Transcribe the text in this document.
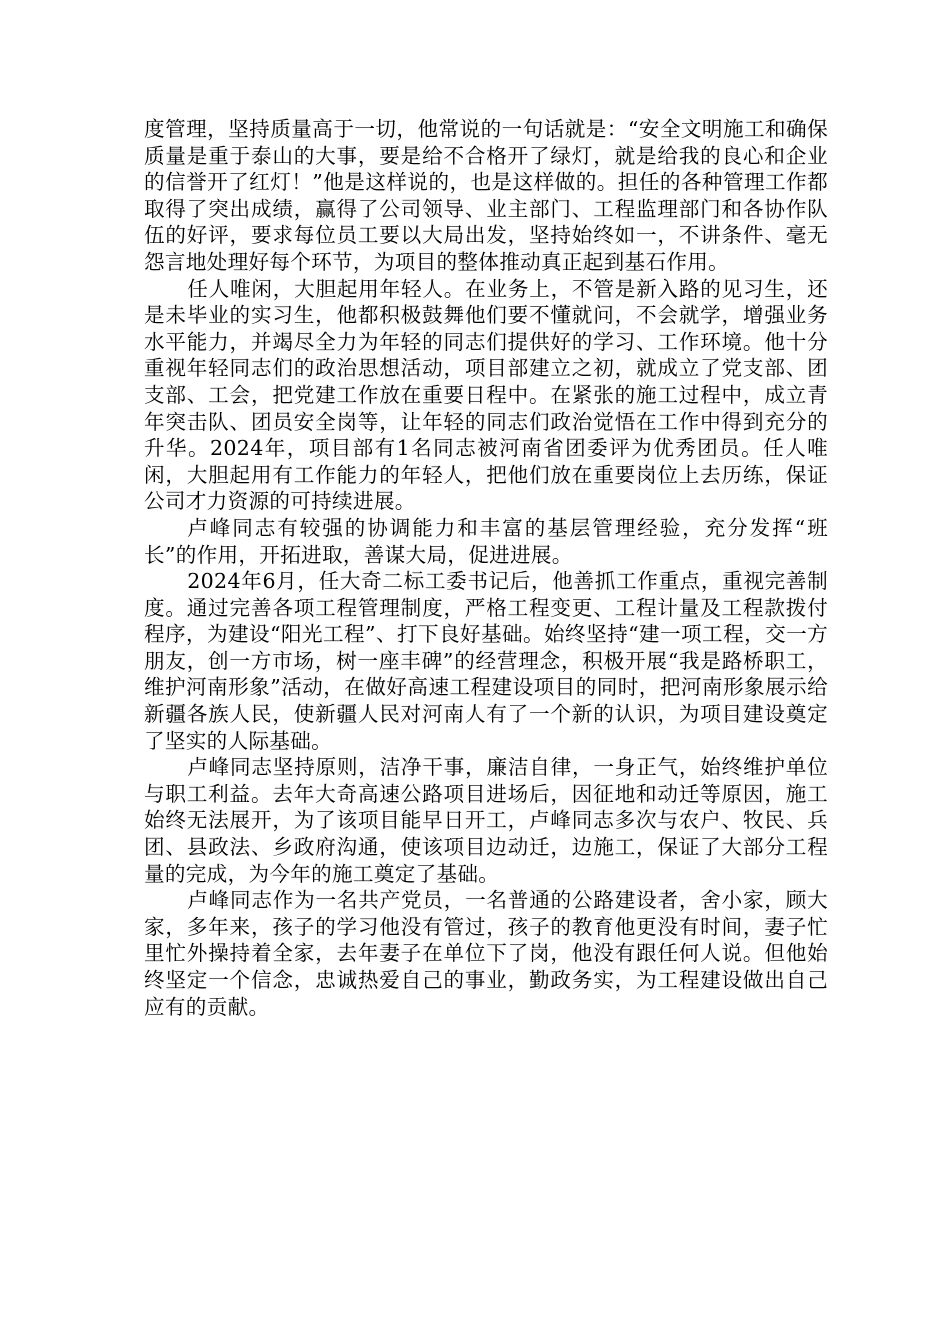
度管理，坚持质量高于一切，他常说的一句话就是：“安全文明施工和确保质量是重于泰山的大事，要是给不合格开了绿灯，就是给我的良心和企业的信誉开了红灯！”他是这样说的，也是这样做的。担任的各种管理工作都取得了突出成绩，赢得了公司领导、业主部门、工程监理部门和各协作队伍的好评，要求每位员工要以大局出发，坚持始终如一，不讲条件、毫无怨言地处理好每个环节，为项目的整体推动真正起到基石作用。

任人唯闲，大胆起用年轻人。在业务上，不管是新入路的见习生，还是未毕业的实习生，他都积极鼓舞他们要不懂就问，不会就学，增强业务水平能力，并竭尽全力为年轻的同志们提供好的学习、工作环境。他十分重视年轻同志们的政治思想活动，项目部建立之初，就成立了党支部、团支部、工会，把党建工作放在重要日程中。在紧张的施工过程中，成立青年突击队、团员安全岗等，让年轻的同志们政治觉悟在工作中得到充分的升华。2024年，项目部有1名同志被河南省团委评为优秀团员。任人唯闲，大胆起用有工作能力的年轻人，把他们放在重要岗位上去历练，保证公司才力资源的可持续进展。

卢峰同志有较强的协调能力和丰富的基层管理经验，充分发挥“班长”的作用，开拓进取，善谋大局，促进进展。

2024年6月，任大奇二标工委书记后，他善抓工作重点，重视完善制度。通过完善各项工程管理制度，严格工程变更、工程计量及工程款拨付程序，为建设“阳光工程”、打下良好基础。始终坚持“建一项工程，交一方朋友，创一方市场，树一座丰碑”的经营理念，积极开展“我是路桥职工，维护河南形象”活动，在做好高速工程建设项目的同时，把河南形象展示给新疆各族人民，使新疆人民对河南人有了一个新的认识，为项目建设奠定了坚实的人际基础。

卢峰同志坚持原则，洁净干事，廉洁自律，一身正气，始终维护单位与职工利益。去年大奇高速公路项目进场后，因征地和动迁等原因，施工始终无法展开，为了该项目能早日开工，卢峰同志多次与农户、牧民、兵团、县政法、乡政府沟通，使该项目边动迁，边施工，保证了大部分工程量的完成，为今年的施工奠定了基础。

卢峰同志作为一名共产党员，一名普通的公路建设者，舍小家，顾大家，多年来，孩子的学习他没有管过，孩子的教育他更没有时间，妻子忙里忙外操持着全家，去年妻子在单位下了岗，他没有跟任何人说。但他始终坚定一个信念，忠诚热爱自己的事业，勤政务实，为工程建设做出自己应有的贡献。
